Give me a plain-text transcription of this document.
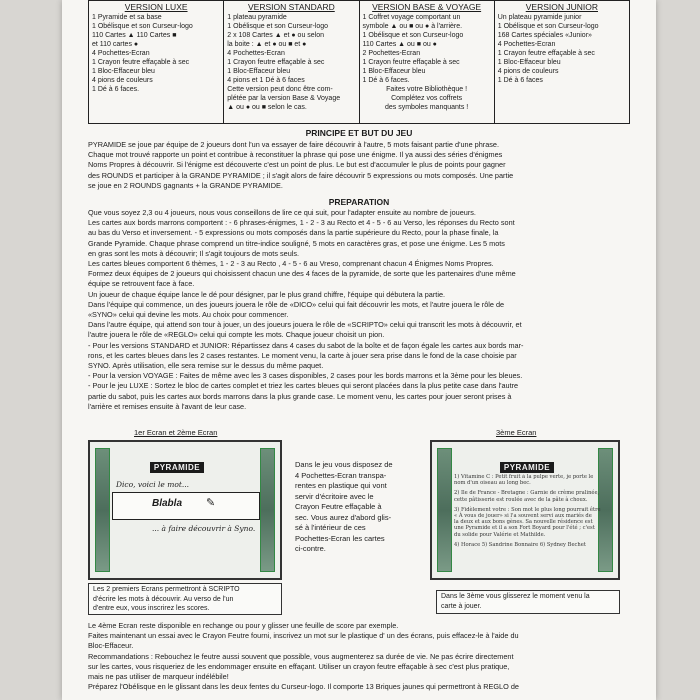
VERSION LUXE
1 Pyramide et sa base
1 Obélisque et son Curseur-logo
110 Cartes ▲ 110 Cartes ■
et 110 cartes ●
4 Pochettes-Ecran
1 Crayon feutre effaçable à sec
1 Bloc-Effaceur bleu
4 pions de couleurs
1 Dé à 6 faces.
VERSION STANDARD
1 plateau pyramide
1 Obélisque et son Curseur-logo
2 x 108 Cartes ▲ et ● ou selon
la boite : ▲ et ● ou ■ et ●
4 Pochettes-Ecran
1 Crayon feutre effaçable à sec
1 Bloc-Effaceur bleu
4 pions et 1 Dé à 6 faces
Cette version peut donc être com-
plétée par la version Base & Voyage
▲ ou ● ou ■ selon le cas.
VERSION BASE & VOYAGE
1 Coffret voyage comportant un
symbole ▲ ou ■ ou ● à l'arrière.
1 Obélisque et son Curseur-logo
110 Cartes ▲ ou ■ ou ●
2 Pochettes-Ecran
1 Crayon feutre effaçable à sec
1 Bloc-Effaceur bleu
1 Dé à 6 faces.
Faites votre Bibliothèque !
Complétez vos coffrets
des symboles manquants !
VERSION JUNIOR
Un plateau pyramide junior
1 Obélisque et son Curseur-logo
168 Cartes spéciales «Junior»
4 Pochettes-Ecran
1 Crayon feutre effaçable à sec
1 Bloc-Effaceur bleu
4 pions de couleurs
1 Dé à 6 faces
PRINCIPE ET BUT DU JEU

PYRAMIDE se joue par équipe de 2 joueurs dont l'un va essayer de faire découvrir à l'autre, 5 mots faisant partie d'une phrase.

Chaque mot trouvé rapporte un point et contribue à reconstituer la phrase qui pose une énigme. Il ya aussi des séries d'énigmes

Noms Propres à découvrir. Si l'énigme est découverte c'est un point de plus. Le but est d'accumuler le plus de points pour gagner

des ROUNDS et participer à la GRANDE PYRAMIDE ; il s'agit alors de faire découvrir 5 expressions ou mots composés. Une partie

se joue en 2 ROUNDS gagnants + la GRANDE PYRAMIDE.

PREPARATION

Que vous soyez 2,3 ou 4 joueurs, nous vous conseillons de lire ce qui suit, pour l'adapter ensuite au nombre de joueurs.

Les cartes aux bords marrons comportent : - 6 phrases-énigmes, 1 - 2 - 3 au Recto et 4 - 5 - 6 au Verso, les réponses du Recto sont

au bas du Verso et inversement. - 5 expressions ou mots composés dans la partie supérieure du Recto, pour la phase finale, la

Grande Pyramide. Chaque phrase comprend un titre-indice souligné, 5 mots en caractères gras, et pose une énigme. Les 5 mots

en gras sont les mots à découvrir; Il s'agit toujours de mots seuls.

Les cartes bleues comportent 6 thèmes, 1 - 2 - 3 au Recto , 4 - 5 - 6 au Vreso, comprenant chacun 4 Énigmes Noms Propres.

Formez deux équipes de 2 joueurs qui choisissent chacun une des 4 faces de la pyramide, de sorte que les partenaires d'une même

équipe se retrouvent face à face.

Un joueur de chaque équipe lance le dé pour désigner, par le plus grand chiffre, l'équipe qui débutera la partie.

Dans l'équipe qui commence, un des joueurs jouera le rôle de «DICO» celui qui fait découvrir les mots, et l'autre jouera le rôle de

«SYNO» celui qui devine les mots. Au choix pour commencer.

Dans l'autre équipe, qui attend son tour à jouer, un des joueurs jouera le rôle de «SCRIPTO» celui qui transcrit les mots à découvrir, et

l'autre jouera le rôle de «REGLO» celui qui compte les mots. Chaque joueur choisit un pion.

- Pour les versions STANDARD et JUNIOR: Répartissez dans 4 cases du sabot de la boîte et de façon égale les cartes aux bords mar-

rons, et les cartes bleues dans les 2 cases restantes. Le moment venu, la carte à jouer sera prise dans le fond de la case choisie par

SYNO. Après utilisation, elle sera remise sur le dessus du même paquet.

- Pour la version VOYAGE : Faites de même avec les 3 cases disponibles, 2 cases pour les bords marrons et la 3ème pour les bleues.

- Pour le jeu LUXE : Sortez le bloc de cartes complet et triez les cartes bleues qui seront placées dans la plus petite case dans l'autre

partie du sabot, puis les cartes aux bords marrons dans la plus grande case. Le moment venu, les cartes pour jouer seront prises à

l'arrière et remises ensuite à l'avant de leur case.

1er Ecran et 2ème Ecran	3ème Ecran
PYRAMIDE
Dico, voici le mot...
Blabla ✎
... à faire découvrir à Syno.
PYRAMIDE

1) Vitamine C : Petit fruit à la pulpe verte, je porte le

nom d'un oiseau au long bec.

2) Ile de France - Bretagne : Garnie de crème pralinée,

cette pâtisserie est roulée avec de la pâte à choux.

3) Fidèlement votre : Son mot le plus long pourrait être

« À vous de jouer» si l'a souvent servi aux mariés de

la deux et aux bons gènes. Sa nouvelle résidence est

une Pyramide et il a son Fort Boyard pour l'été ; c'est

du solide pour Valérie et Mathilde.

4) Horace 5) Sandrine Bonnaire 6) Sydney Bechet

Dans le jeu vous disposez de

4 Pochettes-Ecran transpa-

rentes en plastique qui vont

servir d'écritoire avec le

Crayon Feutre effaçable à

sec. Vous aurez d'abord glis-

sé à l'intérieur de ces

Pochettes-Ecran les cartes

ci-contre.

Les 2 premiers Ecrans permettront à SCRIPTO

d'écrire les mots à découvrir. Au verso de l'un

d'entre eux, vous inscrirez les scores.

Dans le 3ème vous glisserez le moment venu la

carte à jouer.

Le 4ème Ecran reste disponible en rechange ou pour y glisser une feuille de score par exemple.

Faites maintenant un essai avec le Crayon Feutre fourni, inscrivez un mot sur le plastique d' un des écrans, puis effacez-le à l'aide du

Bloc-Effaceur.

Recommandations : Rebouchez le feutre aussi souvent que possible, vous augmenterez sa durée de vie. Ne pas écrire directement

sur les cartes, vous risqueriez de les endommager ensuite en effaçant. Utiliser un crayon feutre effaçable à sec c'est plus pratique,

mais ne pas utiliser de marqueur indélébile!

Préparez l'Obélisque en le glissant dans les deux fentes du Curseur-logo. Il comporte 13 Briques jaunes qui permettront à REGLO de
